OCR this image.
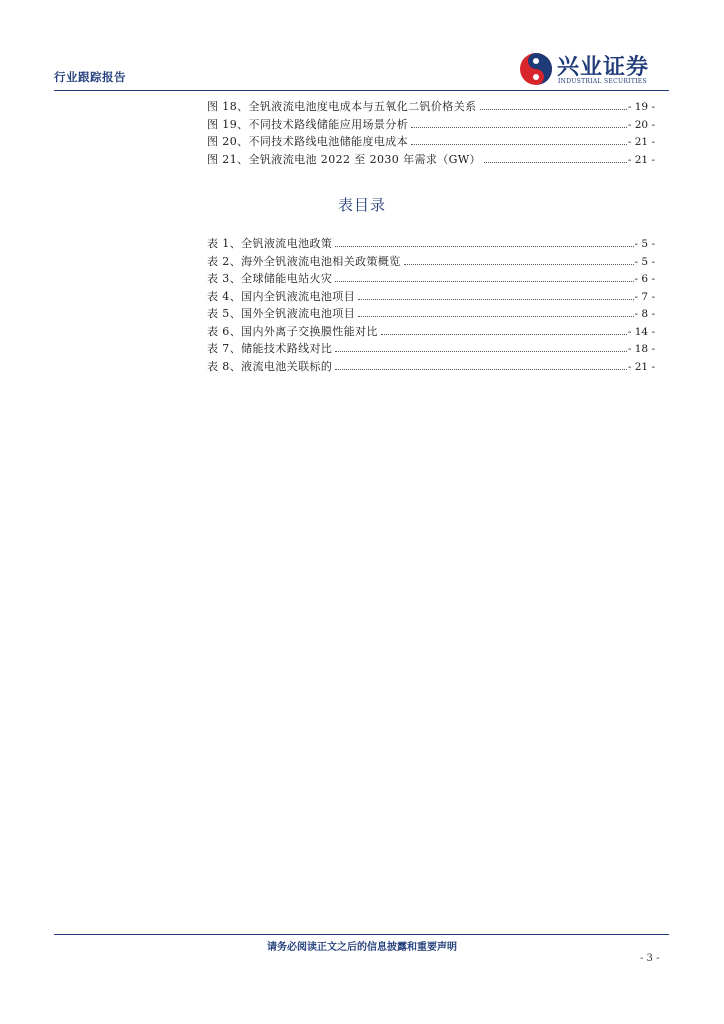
行业跟踪报告	兴业证券
INDUSTRIAL SECURITIES
图 18、全钒液流电池度电成本与五氧化二钒价格关系	- 19 -
图 19、不同技术路线储能应用场景分析	- 20 -
图 20、不同技术路线电池储能度电成本	- 21 -
图 21、全钒液流电池 2022 至 2030 年需求（GW）	- 21 -
表目录
表 1、全钒液流电池政策	- 5 -
表 2、海外全钒液流电池相关政策概览	- 5 -
表 3、全球储能电站火灾	- 6 -
表 4、国内全钒液流电池项目	- 7 -
表 5、国外全钒液流电池项目	- 8 -
表 6、国内外离子交换膜性能对比	- 14 -
表 7、储能技术路线对比	- 18 -
表 8、液流电池关联标的	- 21 -
请务必阅读正文之后的信息披露和重要声明
- 3 -
